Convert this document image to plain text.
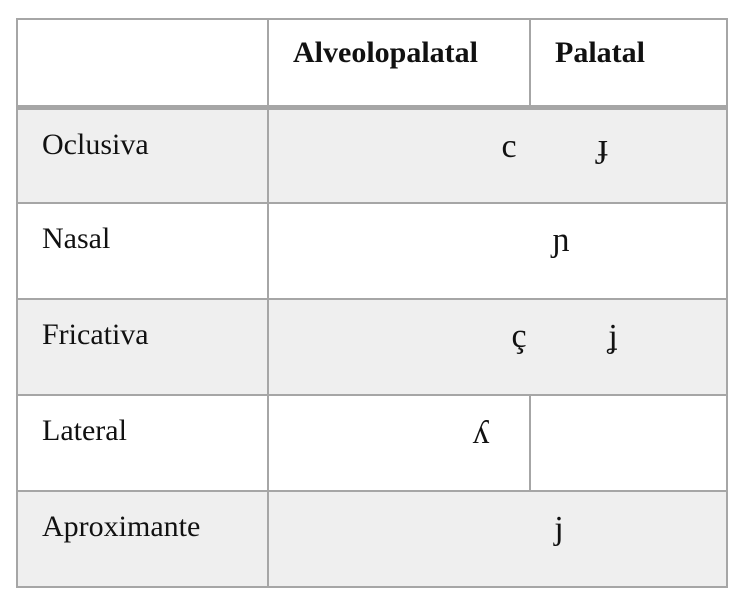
	Alveolopalatal	Palatal
Oclusiva	c ɟ	

Nasal	ɲ	

Fricativa	ç ʝ	

Lateral	ʎ	

Aproximante	j	
